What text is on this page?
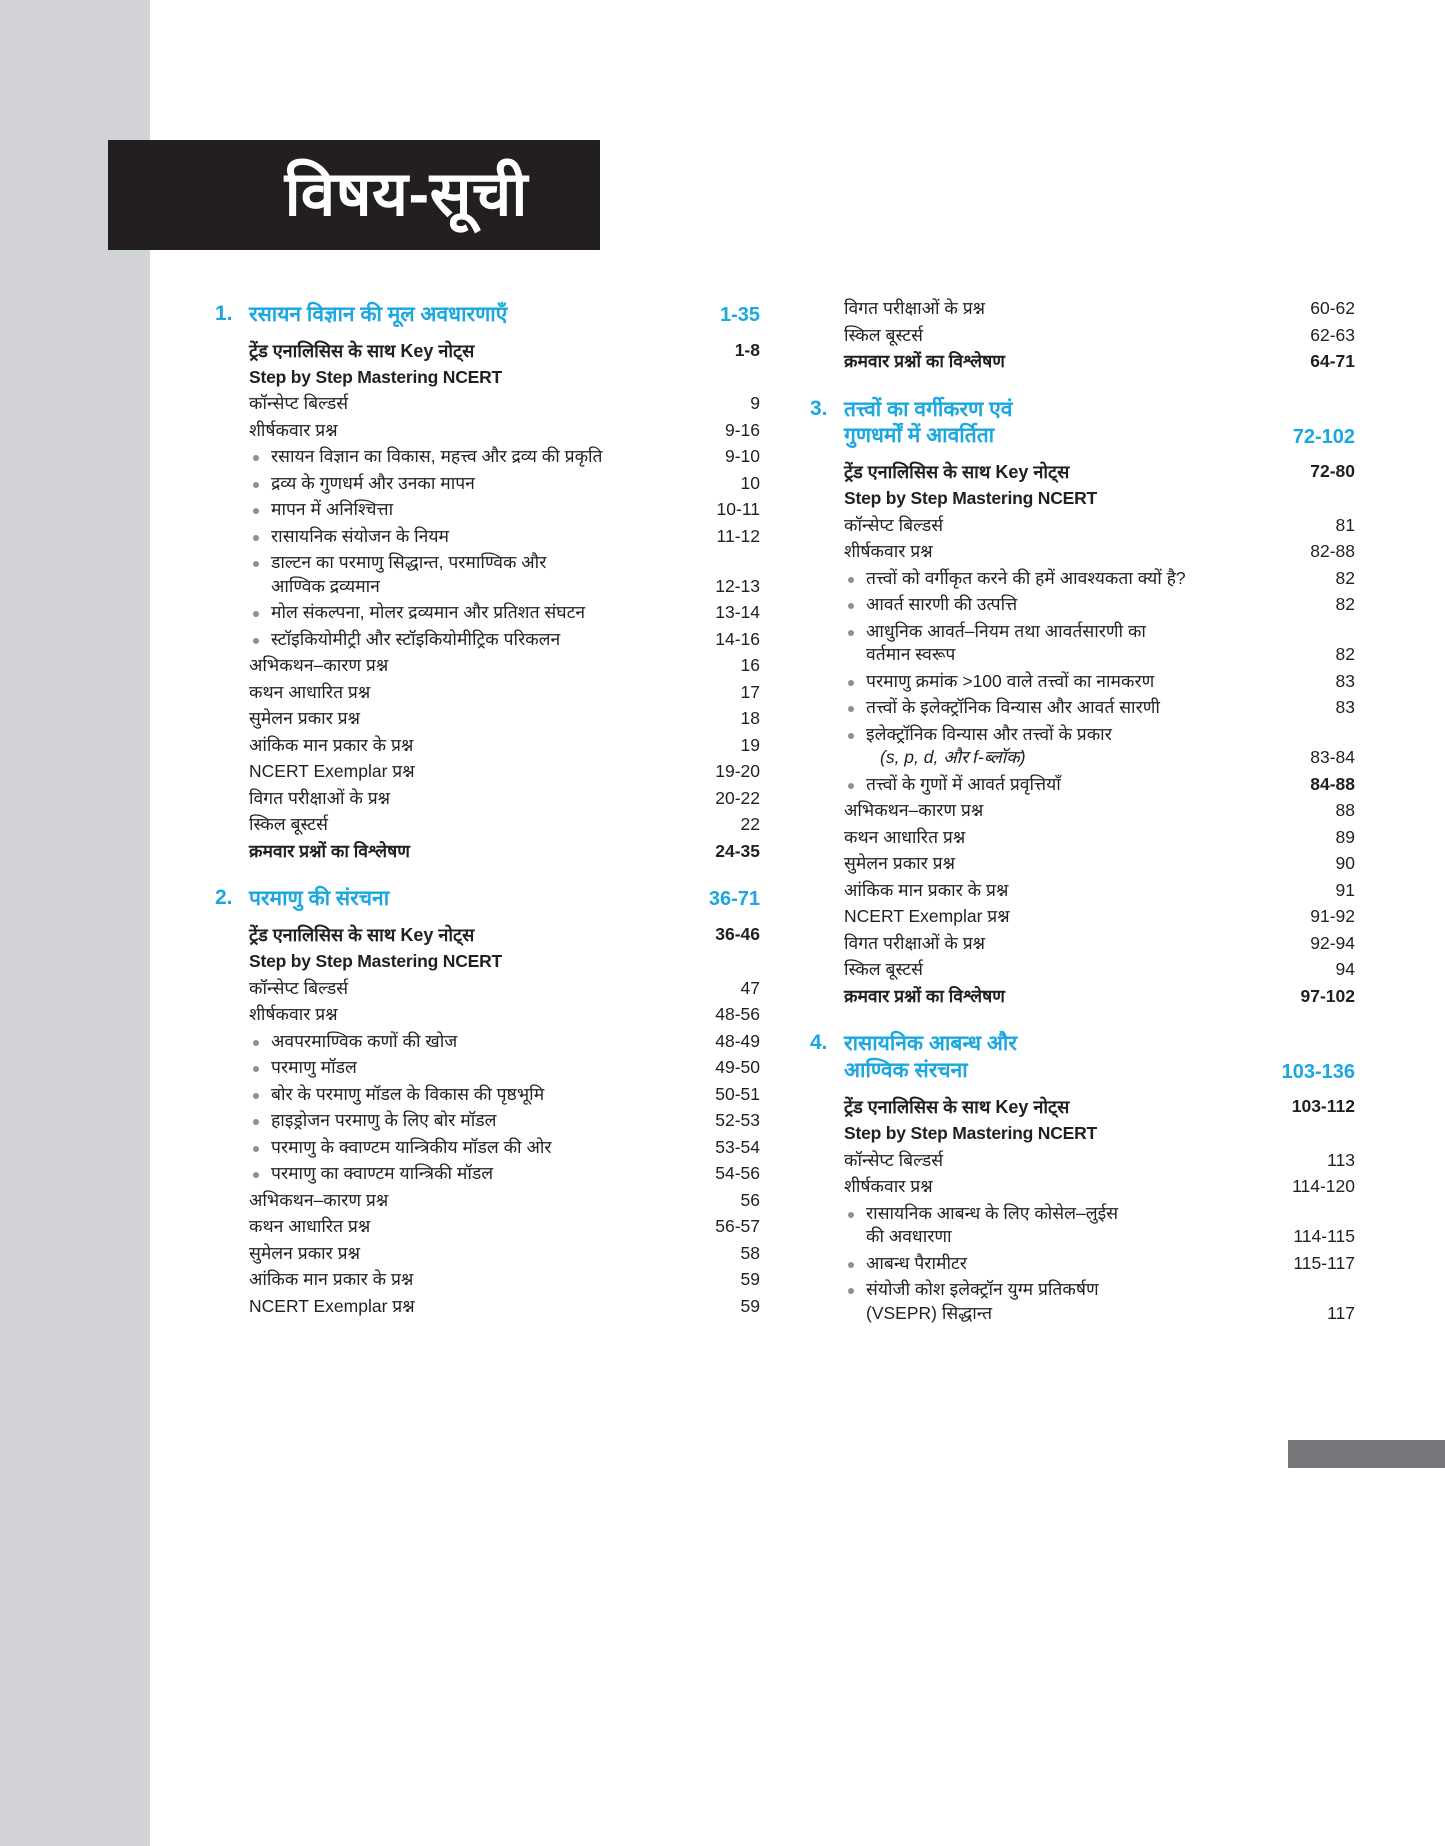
विषय-सूची
1. रसायन विज्ञान की मूल अवधारणाएँ	1-35
ट्रेंड एनालिसिस के साथ Key नोट्स	1-8
Step by Step Mastering NCERT
कॉन्सेप्ट बिल्डर्स	9
शीर्षकवार प्रश्न	9-16
रसायन विज्ञान का विकास, महत्त्व और द्रव्य की प्रकृति	9-10
द्रव्य के गुणधर्म और उनका मापन	10
मापन में अनिश्चित्ता	10-11
रासायनिक संयोजन के नियम	11-12
डाल्टन का परमाणु सिद्धान्त, परमाण्विक और
आण्विक द्रव्यमान	12-13
मोल संकल्पना, मोलर द्रव्यमान और प्रतिशत संघटन	13-14
स्टॉइकियोमीट्री और स्टॉइकियोमीट्रिक परिकलन	14-16
अभिकथन–कारण प्रश्न	16
कथन आधारित प्रश्न	17
सुमेलन प्रकार प्रश्न	18
आंकिक मान प्रकार के प्रश्न	19
NCERT Exemplar प्रश्न	19-20
विगत परीक्षाओं के प्रश्न	20-22
स्किल बूस्टर्स	22
क्रमवार प्रश्नों का विश्लेषण	24-35
2. परमाणु की संरचना	36-71
ट्रेंड एनालिसिस के साथ Key नोट्स	36-46
Step by Step Mastering NCERT
कॉन्सेप्ट बिल्डर्स	47
शीर्षकवार प्रश्न	48-56
अवपरमाण्विक कणों की खोज	48-49
परमाणु मॉडल	49-50
बोर के परमाणु मॉडल के विकास की पृष्ठभूमि	50-51
हाइड्रोजन परमाणु के लिए बोर मॉडल	52-53
परमाणु के क्वाण्टम यान्त्रिकीय मॉडल की ओर	53-54
परमाणु का क्वाण्टम यान्त्रिकी मॉडल	54-56
अभिकथन–कारण प्रश्न	56
कथन आधारित प्रश्न	56-57
सुमेलन प्रकार प्रश्न	58
आंकिक मान प्रकार के प्रश्न	59
NCERT Exemplar प्रश्न	59
विगत परीक्षाओं के प्रश्न	60-62
स्किल बूस्टर्स	62-63
क्रमवार प्रश्नों का विश्लेषण	64-71
3. तत्त्वों का वर्गीकरण एवं
गुणधर्मों में आवर्तिता	72-102
ट्रेंड एनालिसिस के साथ Key नोट्स	72-80
Step by Step Mastering NCERT
कॉन्सेप्ट बिल्डर्स	81
शीर्षकवार प्रश्न	82-88
तत्त्वों को वर्गीकृत करने की हमें आवश्यकता क्यों है?	82
आवर्त सारणी की उत्पत्ति	82
आधुनिक आवर्त–नियम तथा आवर्तसारणी का
वर्तमान स्वरूप	82
परमाणु क्रमांक >100 वाले तत्त्वों का नामकरण	83
तत्त्वों के इलेक्ट्रॉनिक विन्यास और आवर्त सारणी	83
इलेक्ट्रॉनिक विन्यास और तत्त्वों के प्रकार
(s, p, d, और f-ब्लॉक)	83-84
तत्त्वों के गुणों में आवर्त प्रवृत्तियाँ	84-88
अभिकथन–कारण प्रश्न	88
कथन आधारित प्रश्न	89
सुमेलन प्रकार प्रश्न	90
आंकिक मान प्रकार के प्रश्न	91
NCERT Exemplar प्रश्न	91-92
विगत परीक्षाओं के प्रश्न	92-94
स्किल बूस्टर्स	94
क्रमवार प्रश्नों का विश्लेषण	97-102
4. रासायनिक आबन्ध और
आण्विक संरचना	103-136
ट्रेंड एनालिसिस के साथ Key नोट्स	103-112
Step by Step Mastering NCERT
कॉन्सेप्ट बिल्डर्स	113
शीर्षकवार प्रश्न	114-120
रासायनिक आबन्ध के लिए कोसेल–लुईस
की अवधारणा	114-115
आबन्ध पैरामीटर	115-117
संयोजी कोश इलेक्ट्रॉन युग्म प्रतिकर्षण
(VSEPR) सिद्धान्त	117
